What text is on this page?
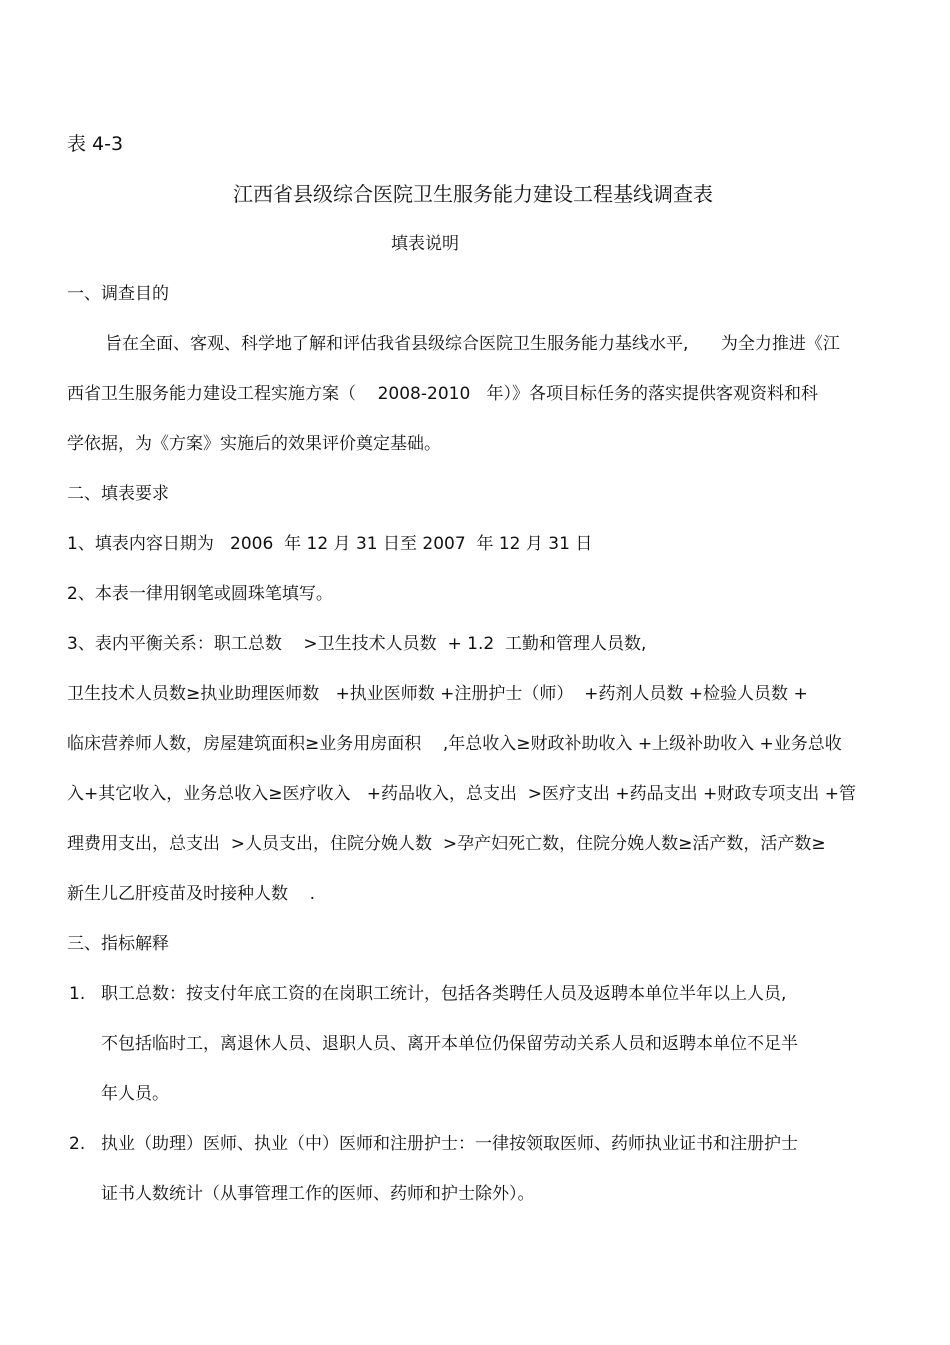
表 4-3
江西省县级综合医院卫生服务能力建设工程基线调查表
填表说明
一、调查目的
旨在全面、客观、科学地了解和评估我省县级综合医院卫生服务能力基线水平,      为全力推进《江
西省卫生服务能力建设工程实施方案（    2008-2010   年）》各项目标任务的落实提供客观资料和科
学依据，为《方案》实施后的效果评价奠定基础。
二、填表要求
1、填表内容日期为   2006  年 12 月 31 日至 2007  年 12 月 31 日
2、本表一律用钢笔或圆珠笔填写。
3、表内平衡关系：职工总数    >卫生技术人员数  + 1.2  工勤和管理人员数,
卫生技术人员数≥执业助理医师数   +执业医师数 +注册护士（师）  +药剂人员数 +检验人员数 +
临床营养师人数，房屋建筑面积≥业务用房面积    ,年总收入≥财政补助收入 +上级补助收入 +业务总收
入+其它收入，业务总收入≥医疗收入   +药品收入，总支出  >医疗支出 +药品支出 +财政专项支出 +管
理费用支出，总支出  >人员支出，住院分娩人数  >孕产妇死亡数，住院分娩人数≥活产数，活产数≥
新生儿乙肝疫苗及时接种人数    .
三、指标解释
1. 职工总数：按支付年底工资的在岗职工统计，包括各类聘任人员及返聘本单位半年以上人员,
不包括临时工，离退休人员、退职人员、离开本单位仍保留劳动关系人员和返聘本单位不足半
年人员。
2. 执业（助理）医师、执业（中）医师和注册护士：一律按领取医师、药师执业证书和注册护士
证书人数统计（从事管理工作的医师、药师和护士除外）。
